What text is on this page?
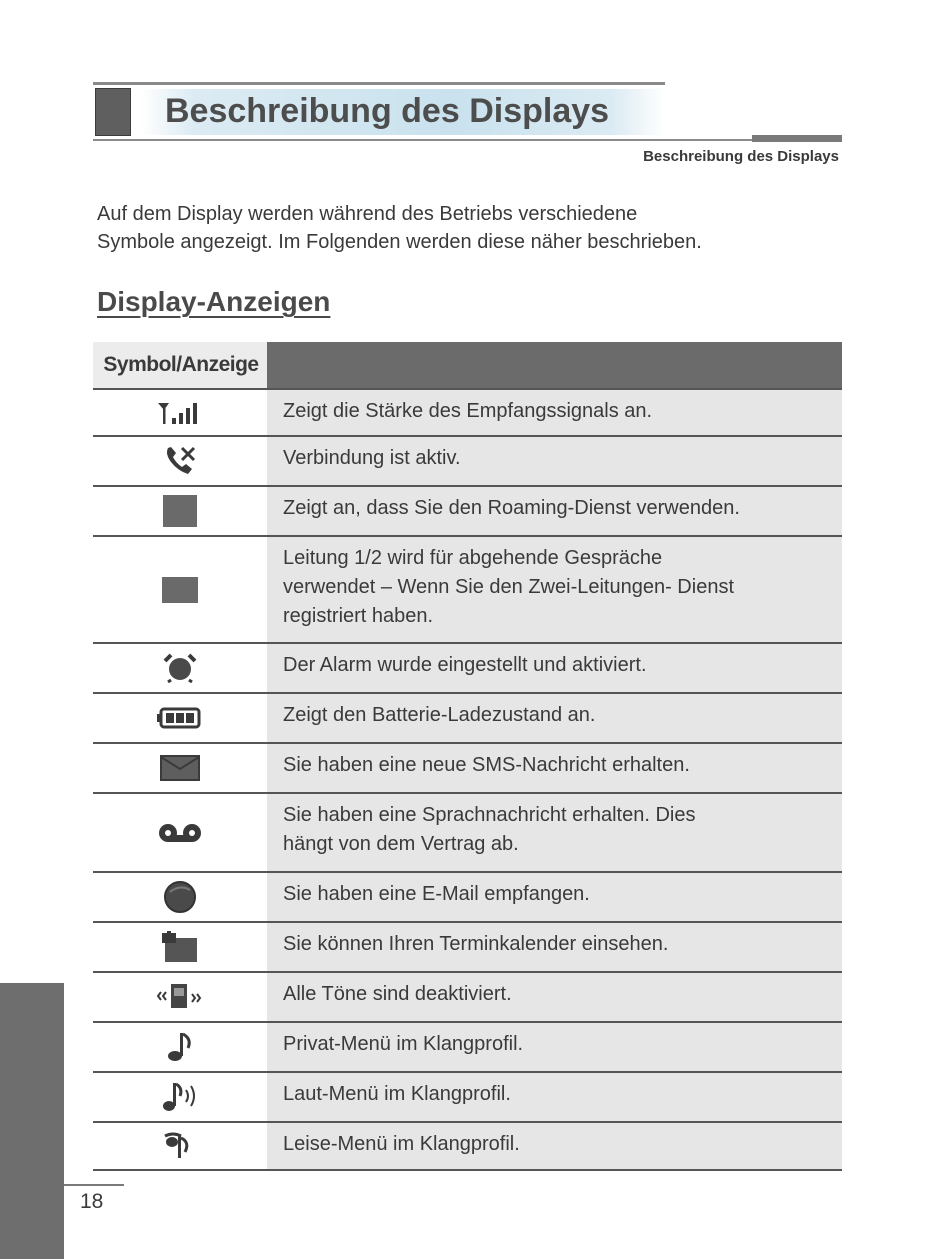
Beschreibung des Displays
Beschreibung des Displays
Auf dem Display werden während des Betriebs verschiedene
Symbole angezeigt. Im Folgenden werden diese näher beschrieben.
Display-Anzeigen
Symbol/Anzeige
Zeigt die Stärke des Empfangssignals an.
Verbindung ist aktiv.
Zeigt an, dass Sie den Roaming-Dienst verwenden.
Leitung 1/2 wird für abgehende Gespräche
verwendet – Wenn Sie den Zwei-Leitungen- Dienst
registriert haben.
Der Alarm wurde eingestellt und aktiviert.
Zeigt den Batterie-Ladezustand an.
Sie haben eine neue SMS-Nachricht erhalten.
Sie haben eine Sprachnachricht erhalten. Dies
hängt von dem Vertrag ab.
Sie haben eine E-Mail empfangen.
Sie können Ihren Terminkalender einsehen.
Alle Töne sind deaktiviert.
Privat-Menü im Klangprofil.
Laut-Menü im Klangprofil.
Leise-Menü im Klangprofil.
18
